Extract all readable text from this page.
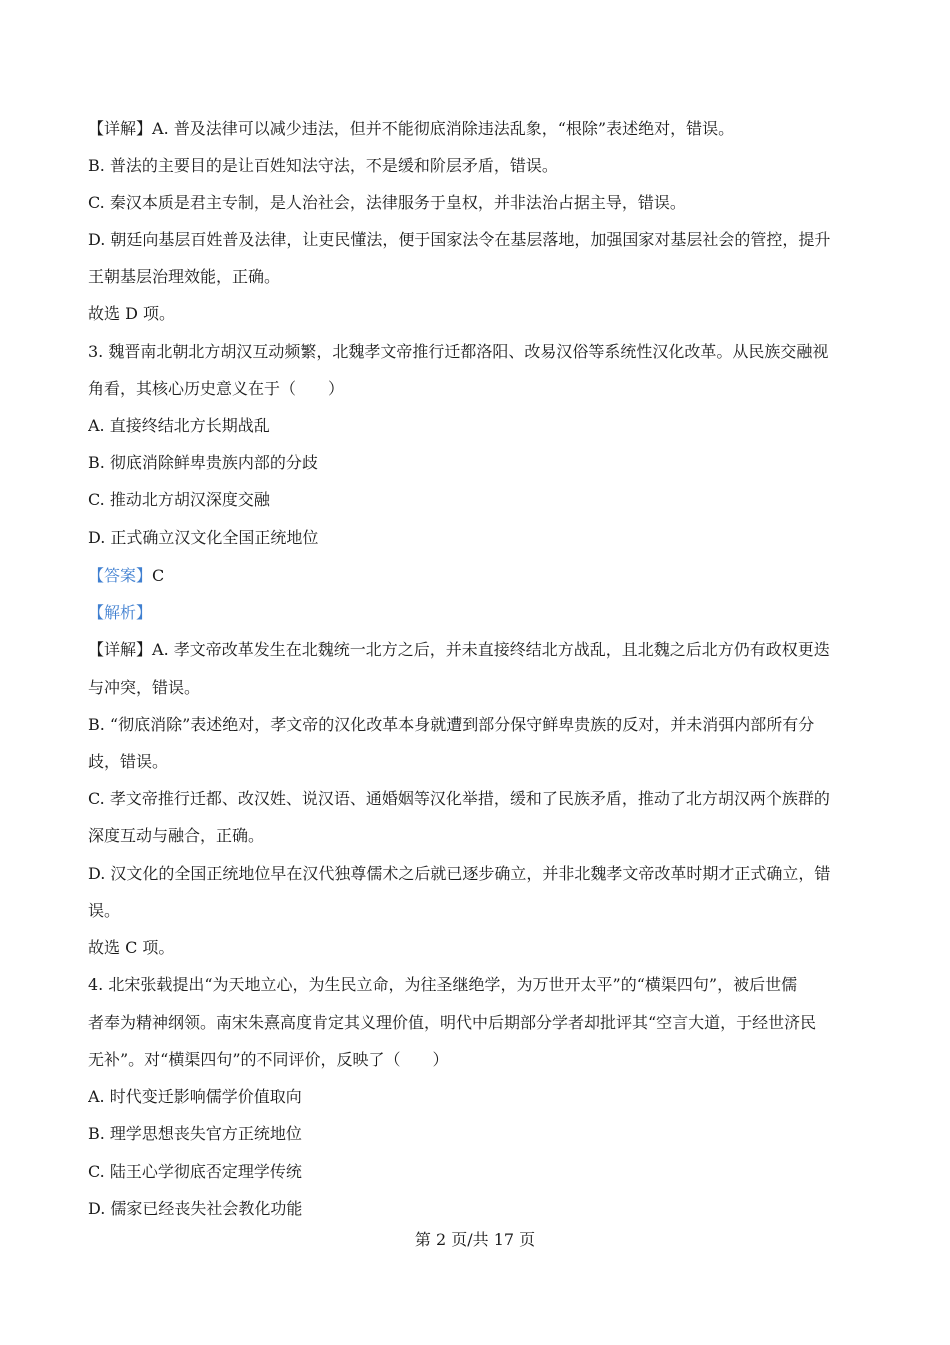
【详解】A. 普及法律可以减少违法，但并不能彻底消除违法乱象，“根除”表述绝对，错误。
B. 普法的主要目的是让百姓知法守法，不是缓和阶层矛盾，错误。
C. 秦汉本质是君主专制，是人治社会，法律服务于皇权，并非法治占据主导，错误。
D. 朝廷向基层百姓普及法律，让吏民懂法，便于国家法令在基层落地，加强国家对基层社会的管控，提升
王朝基层治理效能，正确。
故选 D 项。
3. 魏晋南北朝北方胡汉互动频繁，北魏孝文帝推行迁都洛阳、改易汉俗等系统性汉化改革。从民族交融视
角看，其核心历史意义在于（　　）
A. 直接终结北方长期战乱
B. 彻底消除鲜卑贵族内部的分歧
C. 推动北方胡汉深度交融
D. 正式确立汉文化全国正统地位
【答案】C
【解析】
【详解】A. 孝文帝改革发生在北魏统一北方之后，并未直接终结北方战乱，且北魏之后北方仍有政权更迭
与冲突，错误。
B. “彻底消除”表述绝对，孝文帝的汉化改革本身就遭到部分保守鲜卑贵族的反对，并未消弭内部所有分
歧，错误。
C. 孝文帝推行迁都、改汉姓、说汉语、通婚姻等汉化举措，缓和了民族矛盾，推动了北方胡汉两个族群的
深度互动与融合，正确。
D. 汉文化的全国正统地位早在汉代独尊儒术之后就已逐步确立，并非北魏孝文帝改革时期才正式确立，错
误。
故选 C 项。
4. 北宋张载提出“为天地立心，为生民立命，为往圣继绝学，为万世开太平”的“横渠四句”，被后世儒
者奉为精神纲领。南宋朱熹高度肯定其义理价值，明代中后期部分学者却批评其“空言大道，于经世济民
无补”。对“横渠四句”的不同评价，反映了（　　）
A. 时代变迁影响儒学价值取向
B. 理学思想丧失官方正统地位
C. 陆王心学彻底否定理学传统
D. 儒家已经丧失社会教化功能
第 2 页/共 17 页
